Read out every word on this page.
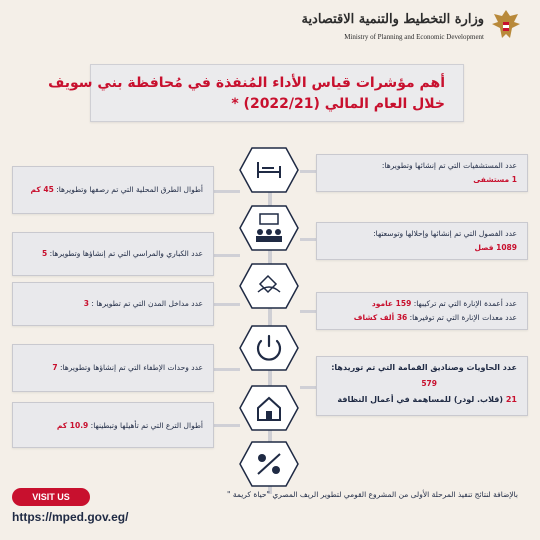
وزارة التخطيط والتنمية الاقتصادية
Ministry of Planning and Economic Development
أهم مؤشرات قياس الأداء المُنفذة في مُحافظة بني سويف
خلال العام المالي (2022/21) *
أطوال الطرق المحلية التي تم رصفها وتطويرها: 45 كم
عدد الكباري والمراسي التي تم إنشاؤها وتطويرها: 5
عدد مداخل المدن التي تم تطويرها : 3
عدد وحدات الإطفاء التي تم إنشاؤها وتطويرها: 7
أطوال الترع التي تم تأهيلها وتبطينها: 10.9 كم
عدد المستشفيات التي تم إنشائها وتطويرها:
1 مستشفى
عدد الفصول التي تم إنشائها وإحلالها وتوسعتها:
1089 فصل
عدد أعمدة الإنارة التي تم تركيبها: 159 عامود
عدد معدات الإنارة التي تم توفيرها: 36 ألف كشاف
عدد الحاويات وصناديق القمامة التي تم توريدها:
579
21 (قلاب. لودر) للمساهمة في أعمال النظافة
VISIT US
https://mped.gov.eg/
بالإضافة لنتائج تنفيذ المرحلة الأولى من المشروع القومي لتطوير الريف المصري "حياة كريمة "
